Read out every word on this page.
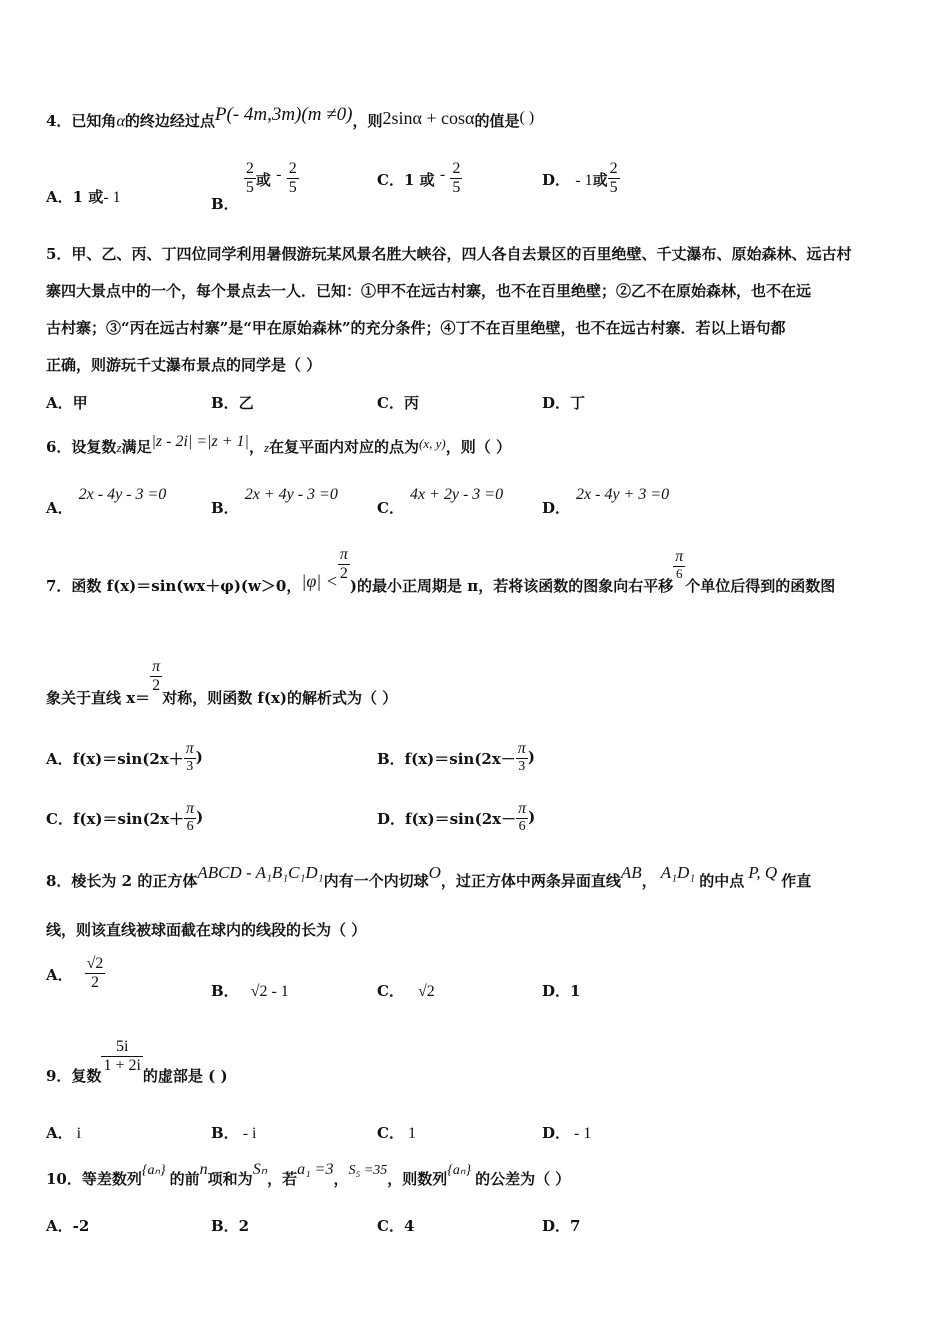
4．已知角α的终边经过点P(- 4m,3m)(m ≠0)，则2sinα + cosα的值是( )
A．1 或- 1	B．
$\frac{2}{5}$ 或 - $\frac{2}{5}$	C．1 或 - $\frac{2}{5}$	D． - 1或 $\frac{2}{5}$
5．甲、乙、丙、丁四位同学利用暑假游玩某风景名胜大峡谷，四人各自去景区的百里绝壁、千丈瀑布、原始森林、远古村
寨四大景点中的一个，每个景点去一人．已知：①甲不在远古村寨，也不在百里绝壁；②乙不在原始森林，也不在远
古村寨；③“丙在远古村寨”是“甲在原始森林”的充分条件；④丁不在百里绝壁，也不在远古村寨．若以上语句都
正确，则游玩千丈瀑布景点的同学是（ ）
A．甲	B．乙	C．丙	D．丁
6．设复数z满足|z - 2i| =|z + 1|，z在复平面内对应的点为(x, y)，则（ ）
A．2x - 4y - 3 =0
B．2x + 4y - 3 =0
C．4x + 2y - 3 =0
D．2x - 4y + 3 =0
7．函数 f(x)＝sin(wx＋φ)(w＞0，$|\varphi| < \frac{\pi}{2}$
)的最小正周期是 π，若将该函数的图象向右平移
$\frac{\pi}{6}$
个单位后得到的函数图
象关于直线 x＝
$\frac{\pi}{2}$
对称，则函数 f(x)的解析式为（ ）
A．$f(x)=\sin(2x+ \frac{\pi}{3}$ )	B．$f(x)=\sin(2x- \frac{\pi}{3}$ )
C．$f(x)=\sin(2x+ \frac{\pi}{6}$ )	D．$f(x)=\sin(2x- \frac{\pi}{6}$ )
8．棱长为 2 的正方体ABCD - A₁B₁C₁D₁内有一个内切球O，过正方体中两条异面直线AB， A₁D₁ 的中点 P, Q 作直
线，则该直线被球面截在球内的线段的长为（ ）
A． $\frac{√2}{2}$	B． √2 - 1	C． √2	D．1
9．复数
$\frac{5i}{1 + 2i}$
的虚部是 ( )
A． i	B． - i	C． 1	D． - 1
10．等差数列{aₙ} 的前n项和为Sₙ，若a₁ =3，S₅ =35，则数列{aₙ} 的公差为（ ）
A．-2	B．2	C．4	D．7
